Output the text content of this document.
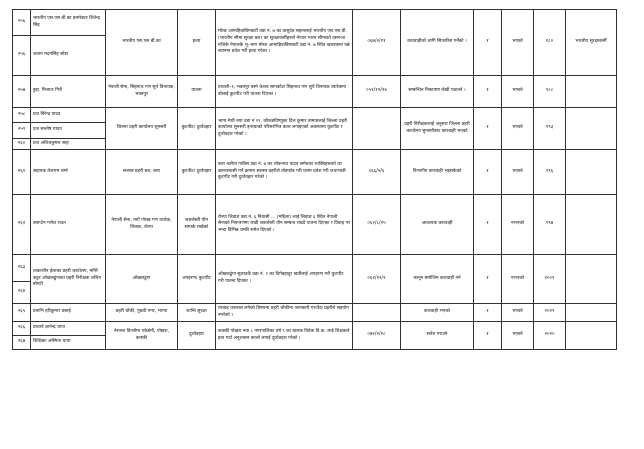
२५६	भारतीय एस.एस.बी.का इन्स्पेक्टर शितेन्द्र सिंह	भारतीय एस.एस.बी.का	हत्या	मोरङ आमाहिवाबिगबाटी वडा नं. ७ का वासुदेव सहानलाई भारतीय एस.एस.बी. (भारतीय सीमा सुरक्षा बल) का सुरक्षाकर्मीहरुले नेपाल भारत सीमाको दसगजा नजिकै नेपालकै भू–भाग मोरङ आमाहिवाबिगबाटी वडा नं. ७ स्थित खचरकमा घन्ने स्थानमा प्रवेश गरी हत्या गरेका ।	०६७/२/११	कारवाहीको लागि सिफारिस गर्नेको ।	१	भएको	१८०	भारतीय सुरक्षाकर्मी
२५६	जवान मदनसिंह सोडा									
२५७	हुद्दा. मिजाज गिरी	नेपाली सेना, सिहनाथ गण सुर्य विनायक, भक्तपुर	यातना	ताथली–१, भक्तपुर बस्ने केशव सापकोटा सिहनाथ गण सुर्य विनायक व्यारेकमा बोलाई कुटपीट गरी यातना दिएका ।	०५१/१२/२४	सम्बन्धित निकायमा लेखी पठाउने ।	१	भएको	१८८	
२५८	प्रज बिरेन्द्र यादव	जिल्ला प्रहरी कार्यालय सुनसरी	कुटपीट/ दुर्व्यवहार	भाग्य मेथी नया वडा नं ११, कौकडविष्णुका दिल कुमार तामाङलाई जिल्ला प्रहरी कार्यालय सुनसरी इनरवाको परिसरभित्र काल लगाइएको अवस्थामा कुटपीट र दुर्व्यवहार गरेको ।		प्रहरी निरीक्षकलाई अनुसार जिल्ला प्रहरी कार्यालय सुनसरीबाट कारबाही भएको	१	भएको	१९३	
२५९	प्रज सन्तोष यादव									
२६०	प्रज अजितकुमार साह									
२६१	सहायक तेजराम शर्मा	सशस्त्र प्रहरी बल, बारा	कुटपीट/ दुर्व्यवहार	बारा कलैया गाबिस वडा नं. ७ का लोकनाथ यादव समेतका व्यक्तिहरूको घर खानतलासी गर्ने क्रममा सशस्त्र प्रहरीले तोडफोड गरी घरमा प्रवेश गरी जथाभावी कुटपीट गरी दुर्व्यवहार गरेको ।	०६६/५/६	विभागीय कारवाही भइसकेको	१	भएको	१९६	
२६२	क्याप्टेन गणेश राउत	नेपाली सेना, नयाँ गोरख गण व्यारेक, लिवाङ, रोल्पा	जबर्जस्ती यौन सम्पर्क राखेको	रोल्पा लिवाङ वडा नं. ६ निवासी ... (महिला) लाई लिवाङ ६ स्थित नेपाली सेनाको नियन्त्रणमा राखी जबर्जस्ती यौन सम्बन्ध राख्दै यातना दिएका र विवाह गर भन्दा विभिन्न धम्की समेत दिएको ।	०६२/८/२५	आवश्यक कारवाही	१	नभएको	१९७	
२६३	तत्कालीन ईलाका प्रहरी कार्यालय, मनिरे कट्टर ओखलढुंगाका प्रहरी निरीक्षक ललित बोगटी	ओखलढुंगा	अपहरण/ कुटपीट	ओखलढुंगा सुलाउर्के वडा नं. २ का दिर्गबहादुर खत्रीलाई अपहरण गरी कुटपीट गरी यातना दिएका ।	०६२/१२/२	कानून बमोजिम कारवाही गर्न	१	नभएको	२००१	
२६४										
२६५	प्रनाभि हरिकुमार प्रसाई	प्रहरी चौकी, पुख्यौ नगर, भाप्पा	शान्ति सुरक्षा	परवाह धनलाल लगेको विषयमा प्रहरी चौकीमा जानकारी गराउँदा प्रहरीले सहयोग नगरेको ।		कारवाही भएको	१	भएको	२०१९	
२६६	प्राचार्य ज्ञानेन्द्र थापा	नेशनल डिप्लोमा एकेडेमी, पोखरा, कास्की	दुर्व्यवहार	कास्की पोखरा नवा ८ नगरपालिका वर्ष ९ का बालक विवेक वि.क. लाई शिक्षकले हात गर्दा अनुशासन कालो लगाई दुर्व्यवहार गरेको ।	०७२/२/१८	सचेत गराउने	१	भएको	२०२०	
२६७	शिक्षिका अस्मिता थापा									
